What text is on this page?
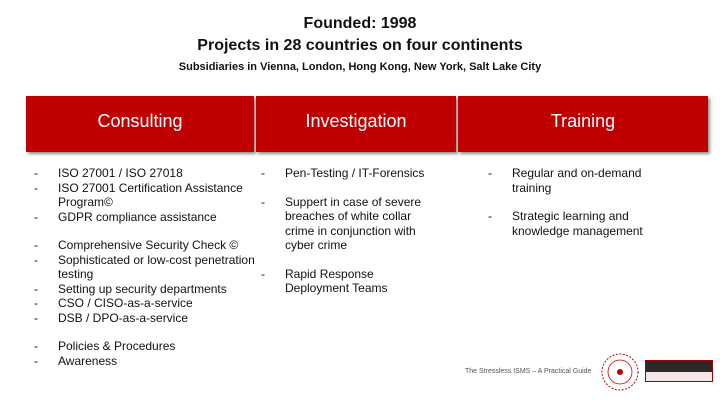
Founded: 1998
Projects in 28 countries on four continents
Subsidiaries in Vienna, London, Hong Kong, New York, Salt Lake City
Consulting	Investigation	Training
- ISO 27001 / ISO 27018
- ISO 27001 Certification Assistance Program©
- GDPR compliance assistance
- Comprehensive Security Check ©
- Sophisticated or low-cost penetration testing
- Setting up security departments
- CSO / CISO-as-a-service
- DSB / DPO-as-a-service
- Policies & Procedures
- Awareness
- Pen-Testing / IT-Forensics
- Suppert in case of severe breaches of white collar crime in conjunction with cyber crime
- Rapid Response Deployment Teams
- Regular and on-demand training
- Strategic learning and knowledge management
The Stressless ISMS – A Practical Guide
